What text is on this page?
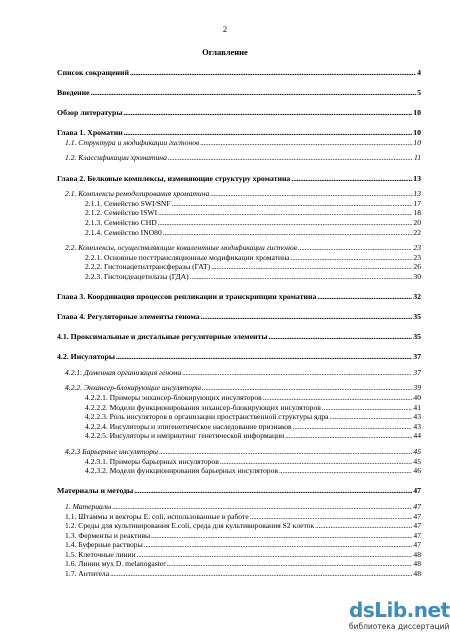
2
Оглавление
Список сокращений .....	4
Введение .....	5
Обзор литературы .....	10
Глава 1. Хроматин .....	10
1.1. Структура и модификации гистонов .....	10
1.2. Классификации хроматина .....	11
Глава 2. Белковые комплексы, изменяющие структуру хроматина .....	13
2.1. Комплексы ремоделирования хроматина .....	13
2.1.1. Семейство SWI/SNF .....	17
2.1.2. Семейство ISWI .....	18
2.1.3. Семейство CHD .....	20
2.1.4. Семейство INO80 .....	22
2.2. Комплексы, осуществляющие ковалентные модификации гистонов .....	23
2.2.1. Основные посттрансляционные модификации хроматина .....	23
2.2.2. Гистонацетилтрансферазы (ГАТ) .....	26
2.2.3. Гистондеацетилазы (ГДА) .....	30
Глава 3. Координация процессов репликации и транскрипции хроматина .....	32
Глава 4. Регуляторные элементы генома .....	35
4.1. Проксимальные и дистальные регуляторные элементы .....	35
4.2. Инсуляторы .....	37
4.2.1. Доменная организация генома .....	37
4.2.2. Энхансер-блокирующие инсуляторы .....	39
4.2.2.1. Примеры энхансер-блокирующих инсуляторов .....	40
4.2.2.2. Модели функционирования энхансер-блокирующих инсуляторов .....	41
4.2.2.3. Роль инсуляторов в организации пространственной структуры ядра .....	43
4.2.2.4. Инсуляторы и эпигенетическое наследование признаков .....	43
4.2.2.5. Инсуляторы и импринтинг генетической информации .....	44
4.2.3 Барьерные инсуляторы .....	45
4.2.3.1. Примеры барьерных инсуляторов .....	45
4.2.3.2. Модели функционирования барьерных инсуляторов .....	46
Материалы и методы .....	47
1. Материалы .....	47
1.1. Штаммы и векторы E. coli, использованные в работе .....	47
1.2. Среды для культивирования E.coli, среда для культивирования S2 клеток .....	47
1.3. Ферменты и реактивы .....	47
1.4. Буферные растворы .....	47
1.5. Клеточные линии .....	48
1.6. Линии мух D. melanogaster .....	48
1.7. Антитела .....	48
dsLib.net
библиотека диссертаций
